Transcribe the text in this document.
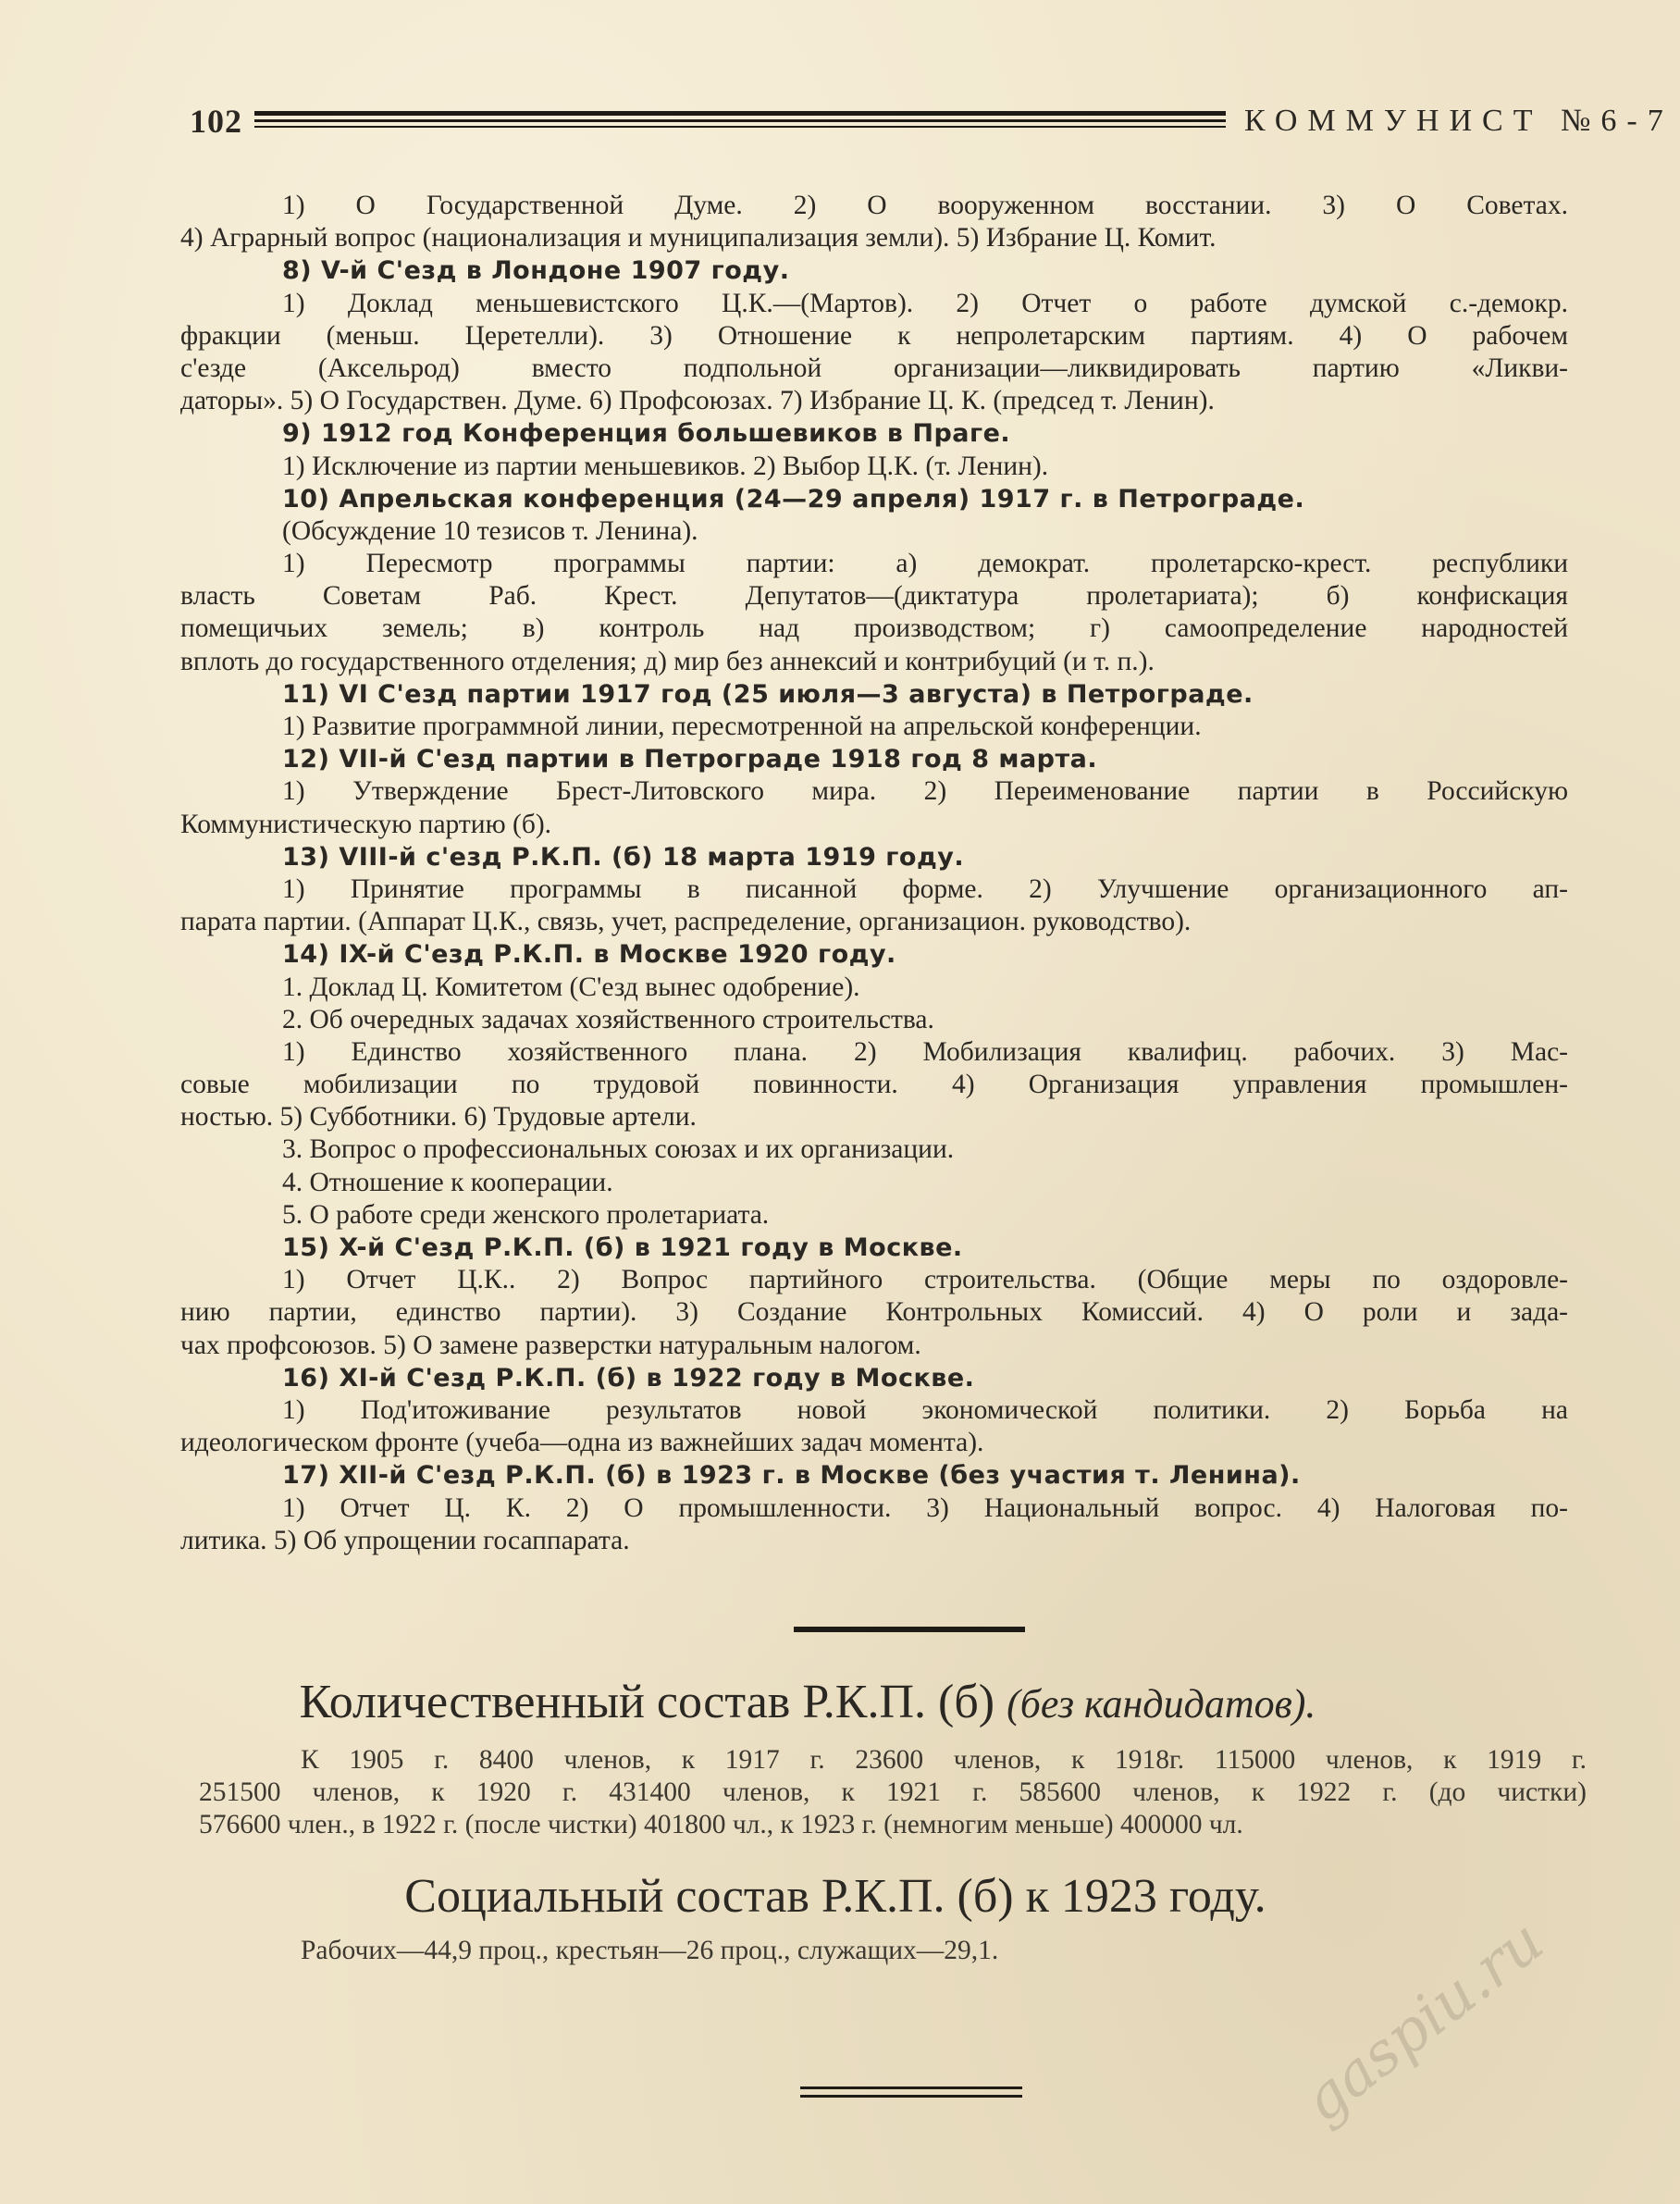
102	КОММУНИСТ №6-7
1) О Государственной Думе. 2) О вооруженном восстании. 3) О Советах.
4) Аграрный вопрос (национализация и муниципализация земли). 5) Избрание Ц. Комит.
8) V-й С'езд в Лондоне 1907 году.
1) Доклад меньшевистского Ц.К.—(Мартов). 2) Отчет о работе думской с.-демокр.
фракции (меньш. Церетелли). 3) Отношение к непролетарским партиям. 4) О рабочем
с'езде (Аксельрод) вместо подпольной организации—ликвидировать партию «Ликви-
даторы». 5) О Государствен. Думе. 6) Профсоюзах. 7) Избрание Ц. К. (председ т. Ленин).
9) 1912 год Конференция большевиков в Праге.
1) Исключение из партии меньшевиков. 2) Выбор Ц.К. (т. Ленин).
10) Апрельская конференция (24—29 апреля) 1917 г. в Петрограде.
(Обсуждение 10 тезисов т. Ленина).
1) Пересмотр программы партии: а) демократ. пролетарско-крест. республики
власть Советам Раб. Крест. Депутатов—(диктатура пролетариата); б) конфискация
помещичьих земель; в) контроль над производством; г) самоопределение народностей
вплоть до государственного отделения; д) мир без аннексий и контрибуций (и т. п.).
11) VI С'езд партии 1917 год (25 июля—3 августа) в Петрограде.
1) Развитие программной линии, пересмотренной на апрельской конференции.
12) VII-й С'езд партии в Петрограде 1918 год 8 марта.
1) Утверждение Брест-Литовского мира. 2) Переименование партии в Российскую
Коммунистическую партию (б).
13) VIII-й с'езд Р.К.П. (б) 18 марта 1919 году.
1) Принятие программы в писанной форме. 2) Улучшение организационного ап-
парата партии. (Аппарат Ц.К., связь, учет, распределение, организацион. руководство).
14) IX-й С'езд Р.К.П. в Москве 1920 году.
1. Доклад Ц. Комитетом (С'езд вынес одобрение).
2. Об очередных задачах хозяйственного строительства.
1) Единство хозяйственного плана. 2) Мобилизация квалифиц. рабочих. 3) Мас-
совые мобилизации по трудовой повинности. 4) Организация управления промышлен-
ностью. 5) Субботники. 6) Трудовые артели.
3. Вопрос о профессиональных союзах и их организации.
4. Отношение к кооперации.
5. О работе среди женского пролетариата.
15) X-й С'езд Р.К.П. (б) в 1921 году в Москве.
1) Отчет Ц.К.. 2) Вопрос партийного строительства. (Общие меры по оздоровле-
нию партии, единство партии). 3) Создание Контрольных Комиссий. 4) О роли и зада-
чах профсоюзов. 5) О замене разверстки натуральным налогом.
16) XI-й С'езд Р.К.П. (б) в 1922 году в Москве.
1) Под'итоживание результатов новой экономической политики. 2) Борьба на
идеологическом фронте (учеба—одна из важнейших задач момента).
17) XII-й С'езд Р.К.П. (б) в 1923 г. в Москве (без участия т. Ленина).
1) Отчет Ц. К. 2) О промышленности. 3) Национальный вопрос. 4) Налоговая по-
литика. 5) Об упрощении госаппарата.
Количественный состав Р.К.П. (б) (без кандидатов).
К 1905 г. 8400 членов, к 1917 г. 23600 членов, к 1918г. 115000 членов, к 1919 г.
251500 членов, к 1920 г. 431400 членов, к 1921 г. 585600 членов, к 1922 г. (до чистки)
576600 член., в 1922 г. (после чистки) 401800 чл., к 1923 г. (немногим меньше) 400000 чл.
Социальный состав Р.К.П. (б) к 1923 году.
Рабочих—44,9 проц., крестьян—26 проц., служащих—29,1.	gaspiu.ru
